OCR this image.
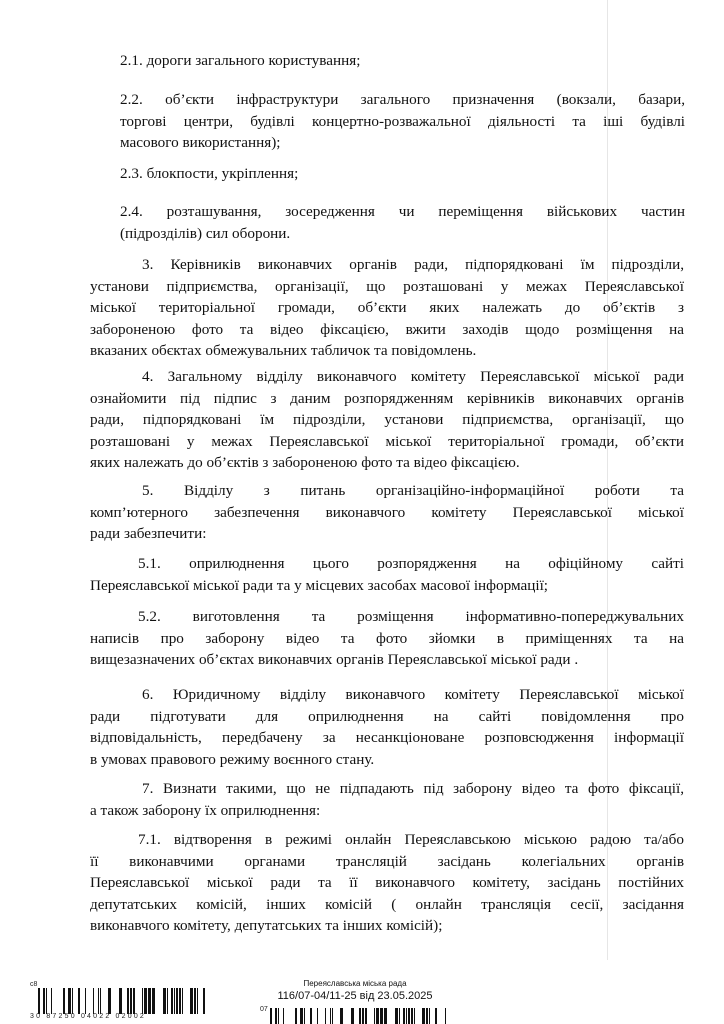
2.1. дороги загального користування;

2.2. об’єкти інфраструктури загального призначення (вокзали, базари,

торгові центри, будівлі концертно-розважальної діяльності та іші будівлі

масового використання);

2.3. блокпости, укріплення;

2.4. розташування, зосередження чи переміщення військових частин

(підрозділів) сил оборони.

3. Керівників виконавчих органів ради, підпорядковані їм підрозділи,

установи підприємства, організації, що розташовані у межах Переяславської

міської територіальної громади, об’єкти яких належать до об’єктів з

забороненою фото та відео фіксацією, вжити заходів щодо розміщення на

вказаних обєктах обмежувальних табличок та повідомлень.

4. Загальному відділу виконавчого комітету Переяславської міської ради

ознайомити під підпис з даним розпорядженням керівників виконавчих органів

ради, підпорядковані їм підрозділи, установи підприємства, організації, що

розташовані у межах Переяславської міської територіальної громади, об’єкти

яких належать до об’єктів з забороненою фото та відео фіксацією.

5. Відділу з питань організаційно-інформаційної роботи та

комп’ютерного забезпечення виконавчого комітету Переяславської міської

ради забезпечити:

5.1. оприлюднення цього розпорядження на офіційному сайті

Переяславської міської ради та у місцевих засобах масової інформації;

5.2. виготовлення та розміщення інформативно-попереджувальних

написів про заборону відео та фото зйомки в приміщеннях та на

вищезазначених об’єктах виконавчих органів Переяславської міської ради .

6. Юридичному відділу виконавчого комітету Переяславської міської

ради підготувати для оприлюднення на сайті повідомлення про

відповідальність, передбачену за несанкціоноване розповсюдження інформації

в умовах правового режиму воєнного стану.

7. Визнати такими, що не підпадають під заборону відео та фото фіксації,

а також заборону їх оприлюднення:

7.1. відтворення в режимі онлайн Переяславською міською радою та/або

її виконавчими органами трансляцій засідань колегіальних органів

Переяславської міської ради та її виконавчого комітету, засідань постійних

депутатських комісій, інших комісій ( онлайн трансляція сесії, засідання

виконавчого комітету, депутатських та інших комісій);

Переяславська міська рада
116/07-04/11-25 від 23.05.2025
с8
30 87250 04022 02002
07
